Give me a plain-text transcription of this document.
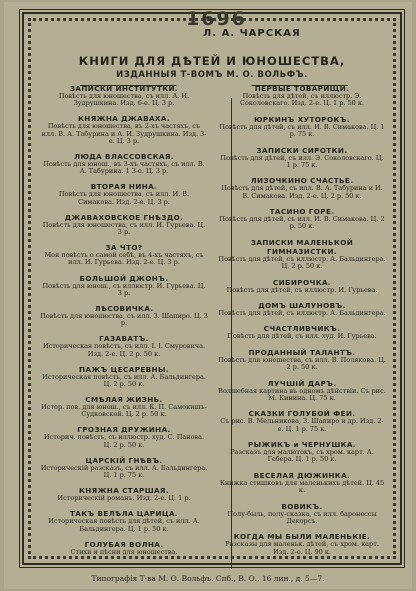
1696
Л. А. ЧАРСКАЯ
КНИГИ ДЛЯ ДѢТЕЙ И ЮНОШЕСТВА,
ИЗДАННЫЯ Т-ВОМЪ М. О. ВОЛЬФЪ.
ЗАПИСКИ ИНСТИТУТКИ.
Повѣсть для юношества, съ илл. А. И. Зудрушкина. Изд. 6-е. Ц. 3 р.
КНЯЖНА ДЖАВАХА.
Повѣсть для юношества, въ 2-хъ частяхъ, съ илл. В. А. Табурина и А. И. Зудрушкина. Изд. 3-е. Ц. 3 р.
ЛЮДА ВЛАССОВСКАЯ.
Повѣсть для юнош., въ 3-хъ частяхъ, съ илл. В. А. Табурина. 1 З-е. Ц. 3 р.
ВТОРАЯ НИНА.
Повѣсть для юношества, съ илл. И. В. Симакова. Изд. 2-е. Ц. 3 р.
ДЖАВАХОВСКОЕ ГНѢЗДО.
Повѣсть для юношества, съ илл. И. Гурьева. Ц. 3 р.
ЗА ЧТО?
Моя повѣсть о самой себѣ, въ 4-хъ частяхъ, съ илл. И. Гурьева. Изд. 2-е. Ц. 3 р.
БОЛЬШОЙ ДЖОНЪ.
Повѣсть для юнош., съ иллюстр. И. Гурьева. Ц. 3 р.
ЛѢСОВИЧКА.
Повѣсть для юношества, съ илл. З. Шапиро. Ц. 3 р.
ГАЗАВАТЪ.
Историческая повѣсть, съ илл. І. І. Смуровича. Изд. 2-е. Ц. 2 р. 50 к.
ПАЖЪ ЦЕСАРЕВНЫ.
Историческая повѣсть, съ илл. А. Бальдингера. Ц. 2 р. 50 к.
СМѢЛАЯ ЖИЗНЬ.
Истор. пов. для юнош., съ илл. К. П. Самокишъ-Судковской. Ц. 2 р. 50 к.
ГРОЗНАЯ ДРУЖИНА.
Историч. повѣсть, съ иллюстр. худ. С. Панова. Ц. 2 р. 50 к.
ЦАРСКІЙ ГНѢВЪ.
Историческій разсказъ, съ илл. А. Бальдингера. Ц. 1 р. 75 к.
КНЯЖНА СТАРШАЯ.
Историческій романъ. Изд. 2-е. Ц. 1 р.
ТАКЪ ВЕЛѢЛА ЦАРИЦА.
Историческая повѣсть для дѣтей, съ илл. А. Бальдингера. Ц. 1 р. 50 к.
ГОЛУБАЯ ВОЛНА.
Стихи и пѣсни для юношества.
ПЕРВЫЕ ТОВАРИЩИ.
Повѣсть для дѣтей, съ иллюстр. Э. Соколовскаго. Изд. 2-е. Ц. 1 р. 50 к.
ЮРКИНЪ ХУТОРОКЪ.
Повѣсть для дѣтей, съ илл. И. В. Симакова. Ц. 1 р. 75 к.
ЗАПИСКИ СИРОТКИ.
Повѣсть для дѣтей, съ илл. Э. Соколовскаго. Ц. 1 р. 75 к.
ЛИЗОЧКИНО СЧАСТЬЕ.
Повѣсть для дѣтей, съ илл. В. А. Табурина и И. В. Симакова. Изд. 2-е. Ц. 2 р. 50 к.
ТАСИНО ГОРЕ.
Повѣсть для дѣтей, съ илл. И. В. Симакова. Ц. 2 р. 50 к.
ЗАПИСКИ МАЛЕНЬКОЙ ГИМНАЗИСТКИ.
Повѣсть для дѣтей, съ иллюстр. А. Бальдингера. Ц. 2 р. 50 к.
СИБИРОЧКА.
Повѣсть для дѣтей, съ иллюстр. И. Гурьева.
ДОМЪ ШАЛУНОВЪ.
Повѣсть для дѣтей, съ иллюстр. А. Бальдингера.
СЧАСТЛИВЧИКЪ.
Повѣсть для дѣтей, съ илл. худ. И. Гурьева.
ПРОДАННЫЙ ТАЛАНТЪ.
Повѣсть для юношества, съ илл. В. Полякова. Ц. 2 р. 50 к.
ЛУЧШІЙ ДАРЪ.
Волшебная картина въ одномъ дѣйствіи. Съ рис. М. Кинина. Ц. 75 к.
СКАЗКИ ГОЛУБОЙ ФЕИ.
Съ рис. В. Мельникова, З. Шапиро и др. Изд. 2-е. Ц. 1 р. 75 к.
РЫЖИКЪ и ЧЕРНУШКА.
Разсказъ для малютокъ, съ хром. карт. А. Гебера. Ц. 1 р. 50 к.
ВЕСЕЛАЯ ДЮЖИНКА.
Книжка стишковъ для маленькихъ дѣтей. Ц. 45 к.
ВОВИКЪ.
Полу-быль, полу-сказка, съ илл. баронессы Декорсъ.
КОГДА МЫ БЫЛИ МАЛЕНЬКІЕ.
Разсказы для маленьк. дѣтей, съ хром. карт. Изд. 2-е. Ц. 90 к.
Типографія Т-ва М. О. Вольфъ. Спб., В. О., 16 лин., д. 5—7.
